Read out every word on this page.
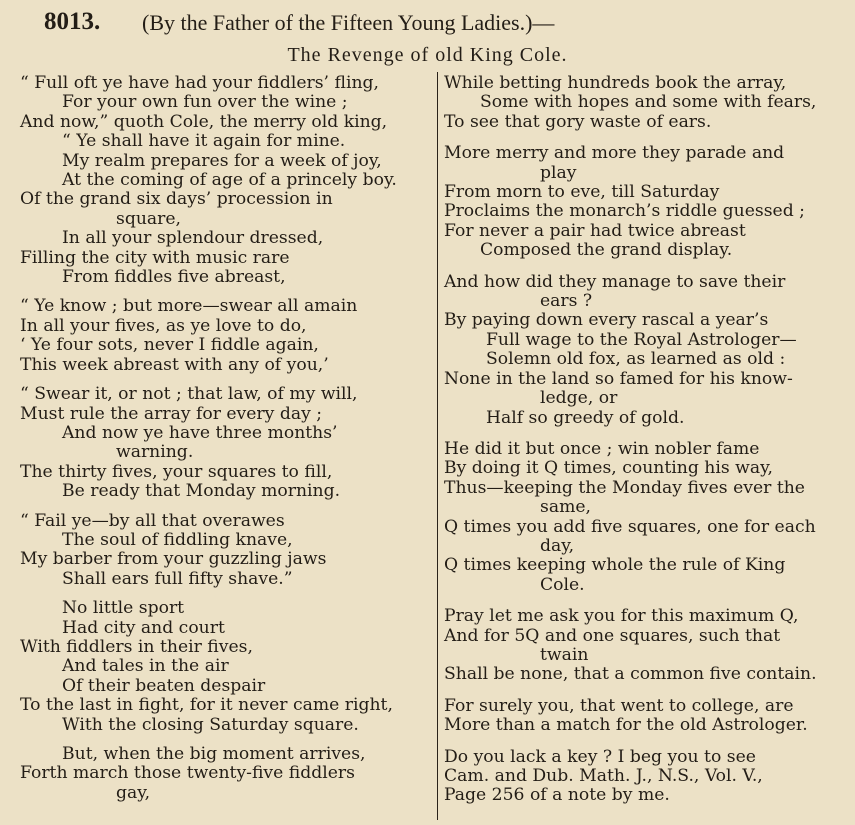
8013. (By the Father of the Fifteen Young Ladies.)—
The Revenge of old King Cole.
“ Full oft ye have had your fiddlers’ fling,
For your own fun over the wine ;
And now,” quoth Cole, the merry old king,
“ Ye shall have it again for mine.
My realm prepares for a week of joy,
At the coming of age of a princely boy.
Of the grand six days’ procession in
square,
In all your splendour dressed,
Filling the city with music rare
From fiddles five abreast,
“ Ye know ; but more—swear all amain
In all your fives, as ye love to do,
‘ Ye four sots, never I fiddle again,
This week abreast with any of you,’
“ Swear it, or not ; that law, of my will,
Must rule the array for every day ;
And now ye have three months’
warning.
The thirty fives, your squares to fill,
Be ready that Monday morning.
“ Fail ye—by all that overawes
The soul of fiddling knave,
My barber from your guzzling jaws
Shall ears full fifty shave.”
No little sport
Had city and court
With fiddlers in their fives,
And tales in the air
Of their beaten despair
To the last in fight, for it never came right,
With the closing Saturday square.
But, when the big moment arrives,
Forth march those twenty-five fiddlers
gay,
While betting hundreds book the array,
Some with hopes and some with fears,
To see that gory waste of ears.
More merry and more they parade and
play
From morn to eve, till Saturday
Proclaims the monarch’s riddle guessed ;
For never a pair had twice abreast
Composed the grand display.
And how did they manage to save their
ears ?
By paying down every rascal a year’s
Full wage to the Royal Astrologer—
Solemn old fox, as learned as old :
None in the land so famed for his know-
ledge, or
Half so greedy of gold.
He did it but once ; win nobler fame
By doing it Q times, counting his way,
Thus—keeping the Monday fives ever the
same,
Q times you add five squares, one for each
day,
Q times keeping whole the rule of King
Cole.
Pray let me ask you for this maximum Q,
And for 5Q and one squares, such that
twain
Shall be none, that a common five contain.
For surely you, that went to college, are
More than a match for the old Astrologer.
Do you lack a key ? I beg you to see
Cam. and Dub. Math. J., N.S., Vol. V.,
Page 256 of a note by me.
